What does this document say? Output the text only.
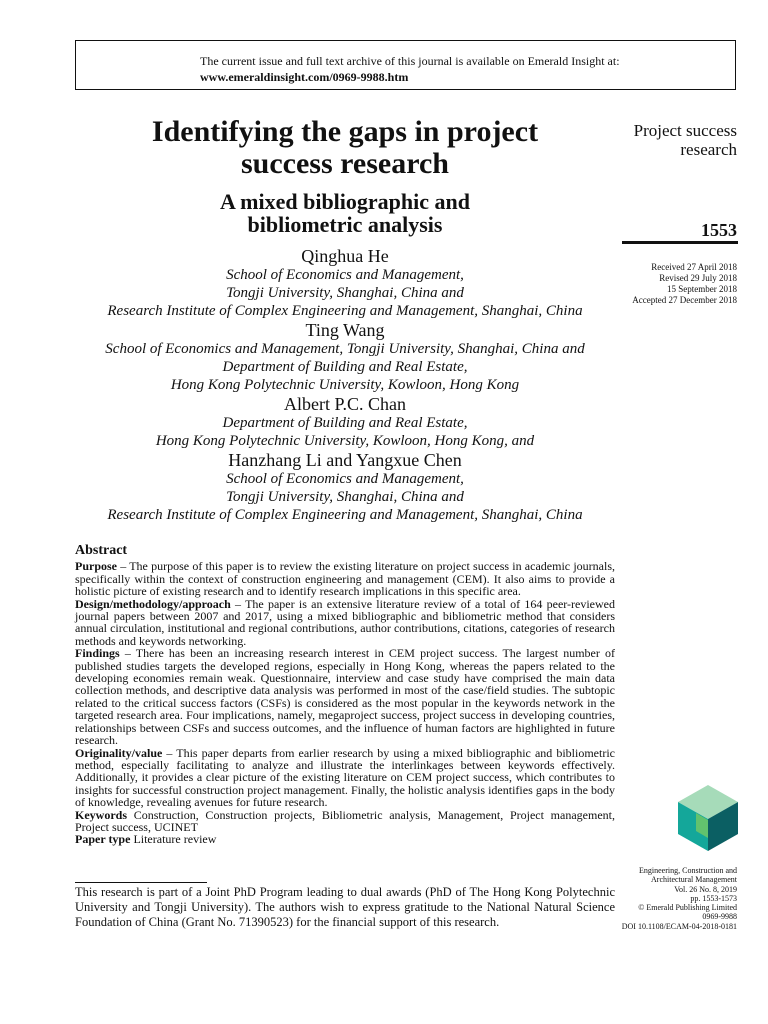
The current issue and full text archive of this journal is available on Emerald Insight at:
www.emeraldinsight.com/0969-9988.htm
Identifying the gaps in project
success research
A mixed bibliographic and
bibliometric analysis
Qinghua He
School of Economics and Management,
Tongji University, Shanghai, China and
Research Institute of Complex Engineering and Management, Shanghai, China
Ting Wang
School of Economics and Management, Tongji University, Shanghai, China and
Department of Building and Real Estate,
Hong Kong Polytechnic University, Kowloon, Hong Kong
Albert P.C. Chan
Department of Building and Real Estate,
Hong Kong Polytechnic University, Kowloon, Hong Kong, and
Hanzhang Li and Yangxue Chen
School of Economics and Management,
Tongji University, Shanghai, China and
Research Institute of Complex Engineering and Management, Shanghai, China
Project success
research
1553
Received 27 April 2018
Revised 29 July 2018
15 September 2018
Accepted 27 December 2018
Abstract

Purpose – The purpose of this paper is to review the existing literature on project success in academic journals, specifically within the context of construction engineering and management (CEM). It also aims to provide a holistic picture of existing research and to identify research implications in this specific area.

Design/methodology/approach – The paper is an extensive literature review of a total of 164 peer-reviewed journal papers between 2007 and 2017, using a mixed bibliographic and bibliometric method that considers annual circulation, institutional and regional contributions, author contributions, citations, categories of research methods and keywords networking.

Findings – There has been an increasing research interest in CEM project success. The largest number of published studies targets the developed regions, especially in Hong Kong, whereas the papers related to the developing economies remain weak. Questionnaire, interview and case study have comprised the main data collection methods, and descriptive data analysis was performed in most of the case/field studies. The subtopic related to the critical success factors (CSFs) is considered as the most popular in the keywords network in the targeted research area. Four implications, namely, megaproject success, project success in developing countries, relationships between CSFs and success outcomes, and the influence of human factors are highlighted in future research.

Originality/value – This paper departs from earlier research by using a mixed bibliographic and bibliometric method, especially facilitating to analyze and illustrate the interlinkages between keywords effectively. Additionally, it provides a clear picture of the existing literature on CEM project success, which contributes to insights for successful construction project management. Finally, the holistic analysis identifies gaps in the body of knowledge, revealing avenues for future research.

Keywords Construction, Construction projects, Bibliometric analysis, Management, Project management, Project success, UCINET

Paper type Literature review

Engineering, Construction and
Architectural Management
Vol. 26 No. 8, 2019
pp. 1553-1573
© Emerald Publishing Limited
0969-9988
DOI 10.1108/ECAM-04-2018-0181
This research is part of a Joint PhD Program leading to dual awards (PhD of The Hong Kong Polytechnic University and Tongji University). The authors wish to express gratitude to the National Natural Science Foundation of China (Grant No. 71390523) for the financial support of this research.
